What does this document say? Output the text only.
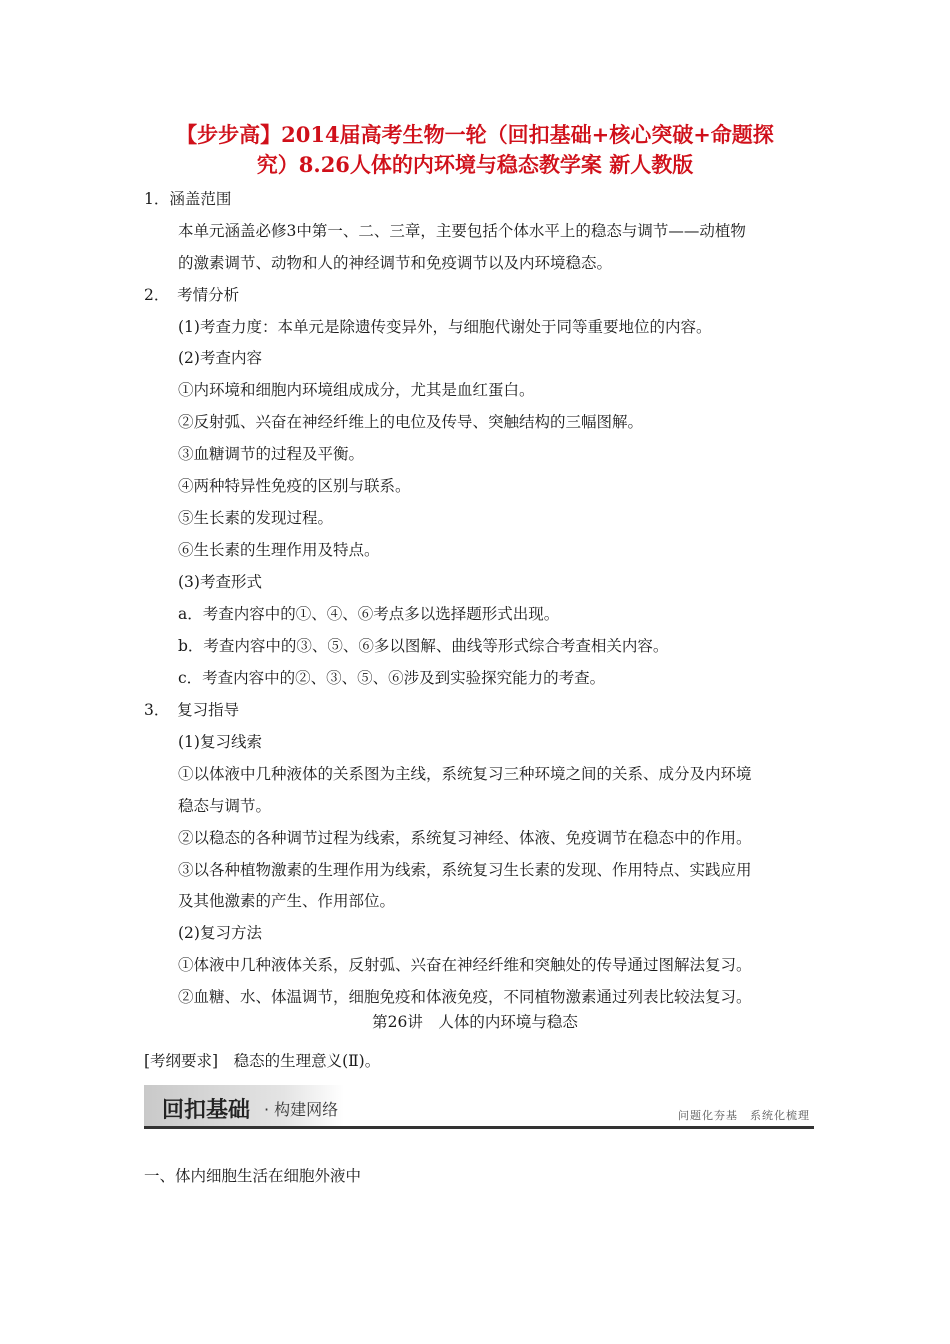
【步步高】2014届高考生物一轮（回扣基础+核心突破+命题探
究）8.26人体的内环境与稳态教学案 新人教版
1．涵盖范围
本单元涵盖必修3中第一、二、三章，主要包括个体水平上的稳态与调节——动植物
的激素调节、动物和人的神经调节和免疫调节以及内环境稳态。
2．　考情分析
(1)考查力度：本单元是除遗传变异外，与细胞代谢处于同等重要地位的内容。
(2)考查内容
①内环境和细胞内环境组成成分，尤其是血红蛋白。
②反射弧、兴奋在神经纤维上的电位及传导、突触结构的三幅图解。
③血糖调节的过程及平衡。
④两种特异性免疫的区别与联系。
⑤生长素的发现过程。
⑥生长素的生理作用及特点。
(3)考查形式
a．考查内容中的①、④、⑥考点多以选择题形式出现。
b．考查内容中的③、⑤、⑥多以图解、曲线等形式综合考查相关内容。
c．考查内容中的②、③、⑤、⑥涉及到实验探究能力的考查。
3．　复习指导
(1)复习线索
①以体液中几种液体的关系图为主线，系统复习三种环境之间的关系、成分及内环境
稳态与调节。
②以稳态的各种调节过程为线索，系统复习神经、体液、免疫调节在稳态中的作用。
③以各种植物激素的生理作用为线索，系统复习生长素的发现、作用特点、实践应用
及其他激素的产生、作用部位。
(2)复习方法
①体液中几种液体关系，反射弧、兴奋在神经纤维和突触处的传导通过图解法复习。
②血糖、水、体温调节，细胞免疫和体液免疫，不同植物激素通过列表比较法复习。
第26讲　人体的内环境与稳态
[考纲要求]　稳态的生理意义(Ⅱ)。
回扣基础 · 构建网络	问题化夯基　系统化梳理
一、体内细胞生活在细胞外液中
